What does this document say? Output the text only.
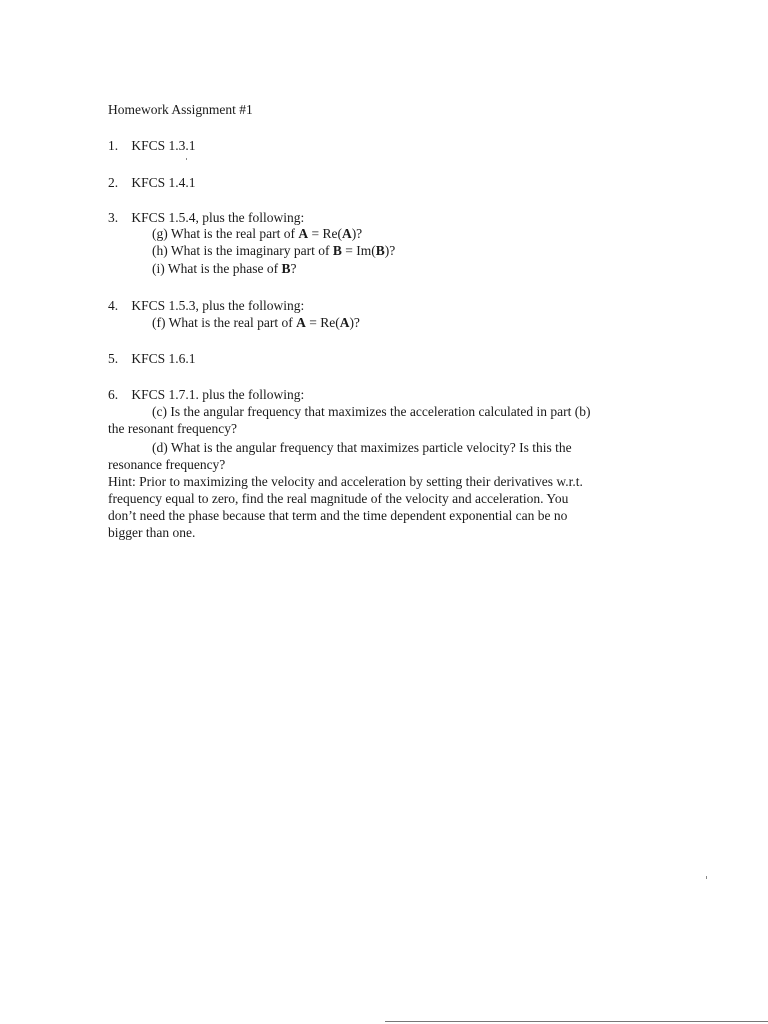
Homework Assignment #1
1. KFCS 1.3.1
2. KFCS 1.4.1
3. KFCS 1.5.4, plus the following:
(g) What is the real part of A = Re(A)?
(h) What is the imaginary part of B = Im(B)?
(i) What is the phase of B?
4. KFCS 1.5.3, plus the following:
(f) What is the real part of A = Re(A)?
5. KFCS 1.6.1
6. KFCS 1.7.1. plus the following:
(c) Is the angular frequency that maximizes the acceleration calculated in part (b)
the resonant frequency?
(d) What is the angular frequency that maximizes particle velocity? Is this the
resonance frequency?
Hint: Prior to maximizing the velocity and acceleration by setting their derivatives w.r.t.
frequency equal to zero, find the real magnitude of the velocity and acceleration. You
don’t need the phase because that term and the time dependent exponential can be no
bigger than one.
